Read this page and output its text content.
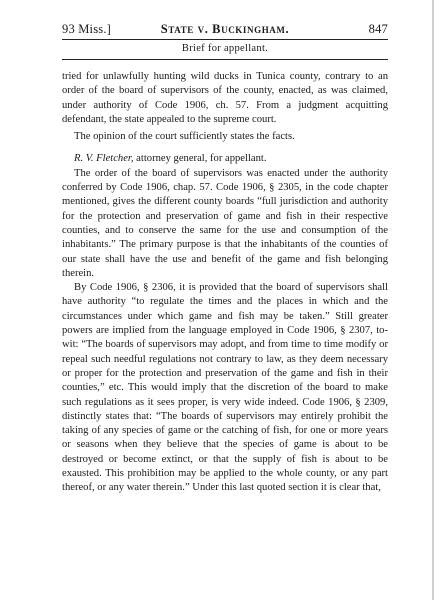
93 Miss.]	State v. Buckingham.	847
Brief for appellant.

tried for unlawfully hunting wild ducks in Tunica county, contrary to an order of the board of supervisors of the county, enacted, as was claimed, under authority of Code 1906, ch. 57. From a judgment acquitting defendant, the state appealed to the supreme court.

The opinion of the court sufficiently states the facts.

R. V. Fletcher, attorney general, for appellant.

The order of the board of supervisors was enacted under the authority conferred by Code 1906, chap. 57. Code 1906, § 2305, in the code chapter mentioned, gives the different county boards “full jurisdiction and authority for the protection and preservation of game and fish in their respective counties, and to conserve the same for the use and consumption of the inhabitants.” The primary purpose is that the inhabitants of the counties of our state shall have the use and benefit of the game and fish belonging therein.

By Code 1906, § 2306, it is provided that the board of supervisors shall have authority “to regulate the times and the places in which and the circumstances under which game and fish may be taken.” Still greater powers are implied from the language employed in Code 1906, § 2307, to-wit: “The boards of supervisors may adopt, and from time to time modify or repeal such needful regulations not contrary to law, as they deem necessary or proper for the protection and preservation of the game and fish in their counties,” etc. This would imply that the discretion of the board to make such regulations as it sees proper, is very wide indeed. Code 1906, § 2309, distinctly states that: “The boards of supervisors may entirely prohibit the taking of any species of game or the catching of fish, for one or more years or seasons when they believe that the species of game is about to be destroyed or become extinct, or that the supply of fish is about to be exausted. This prohibition may be applied to the whole county, or any part thereof, or any water therein.” Under this last quoted section it is clear that,
